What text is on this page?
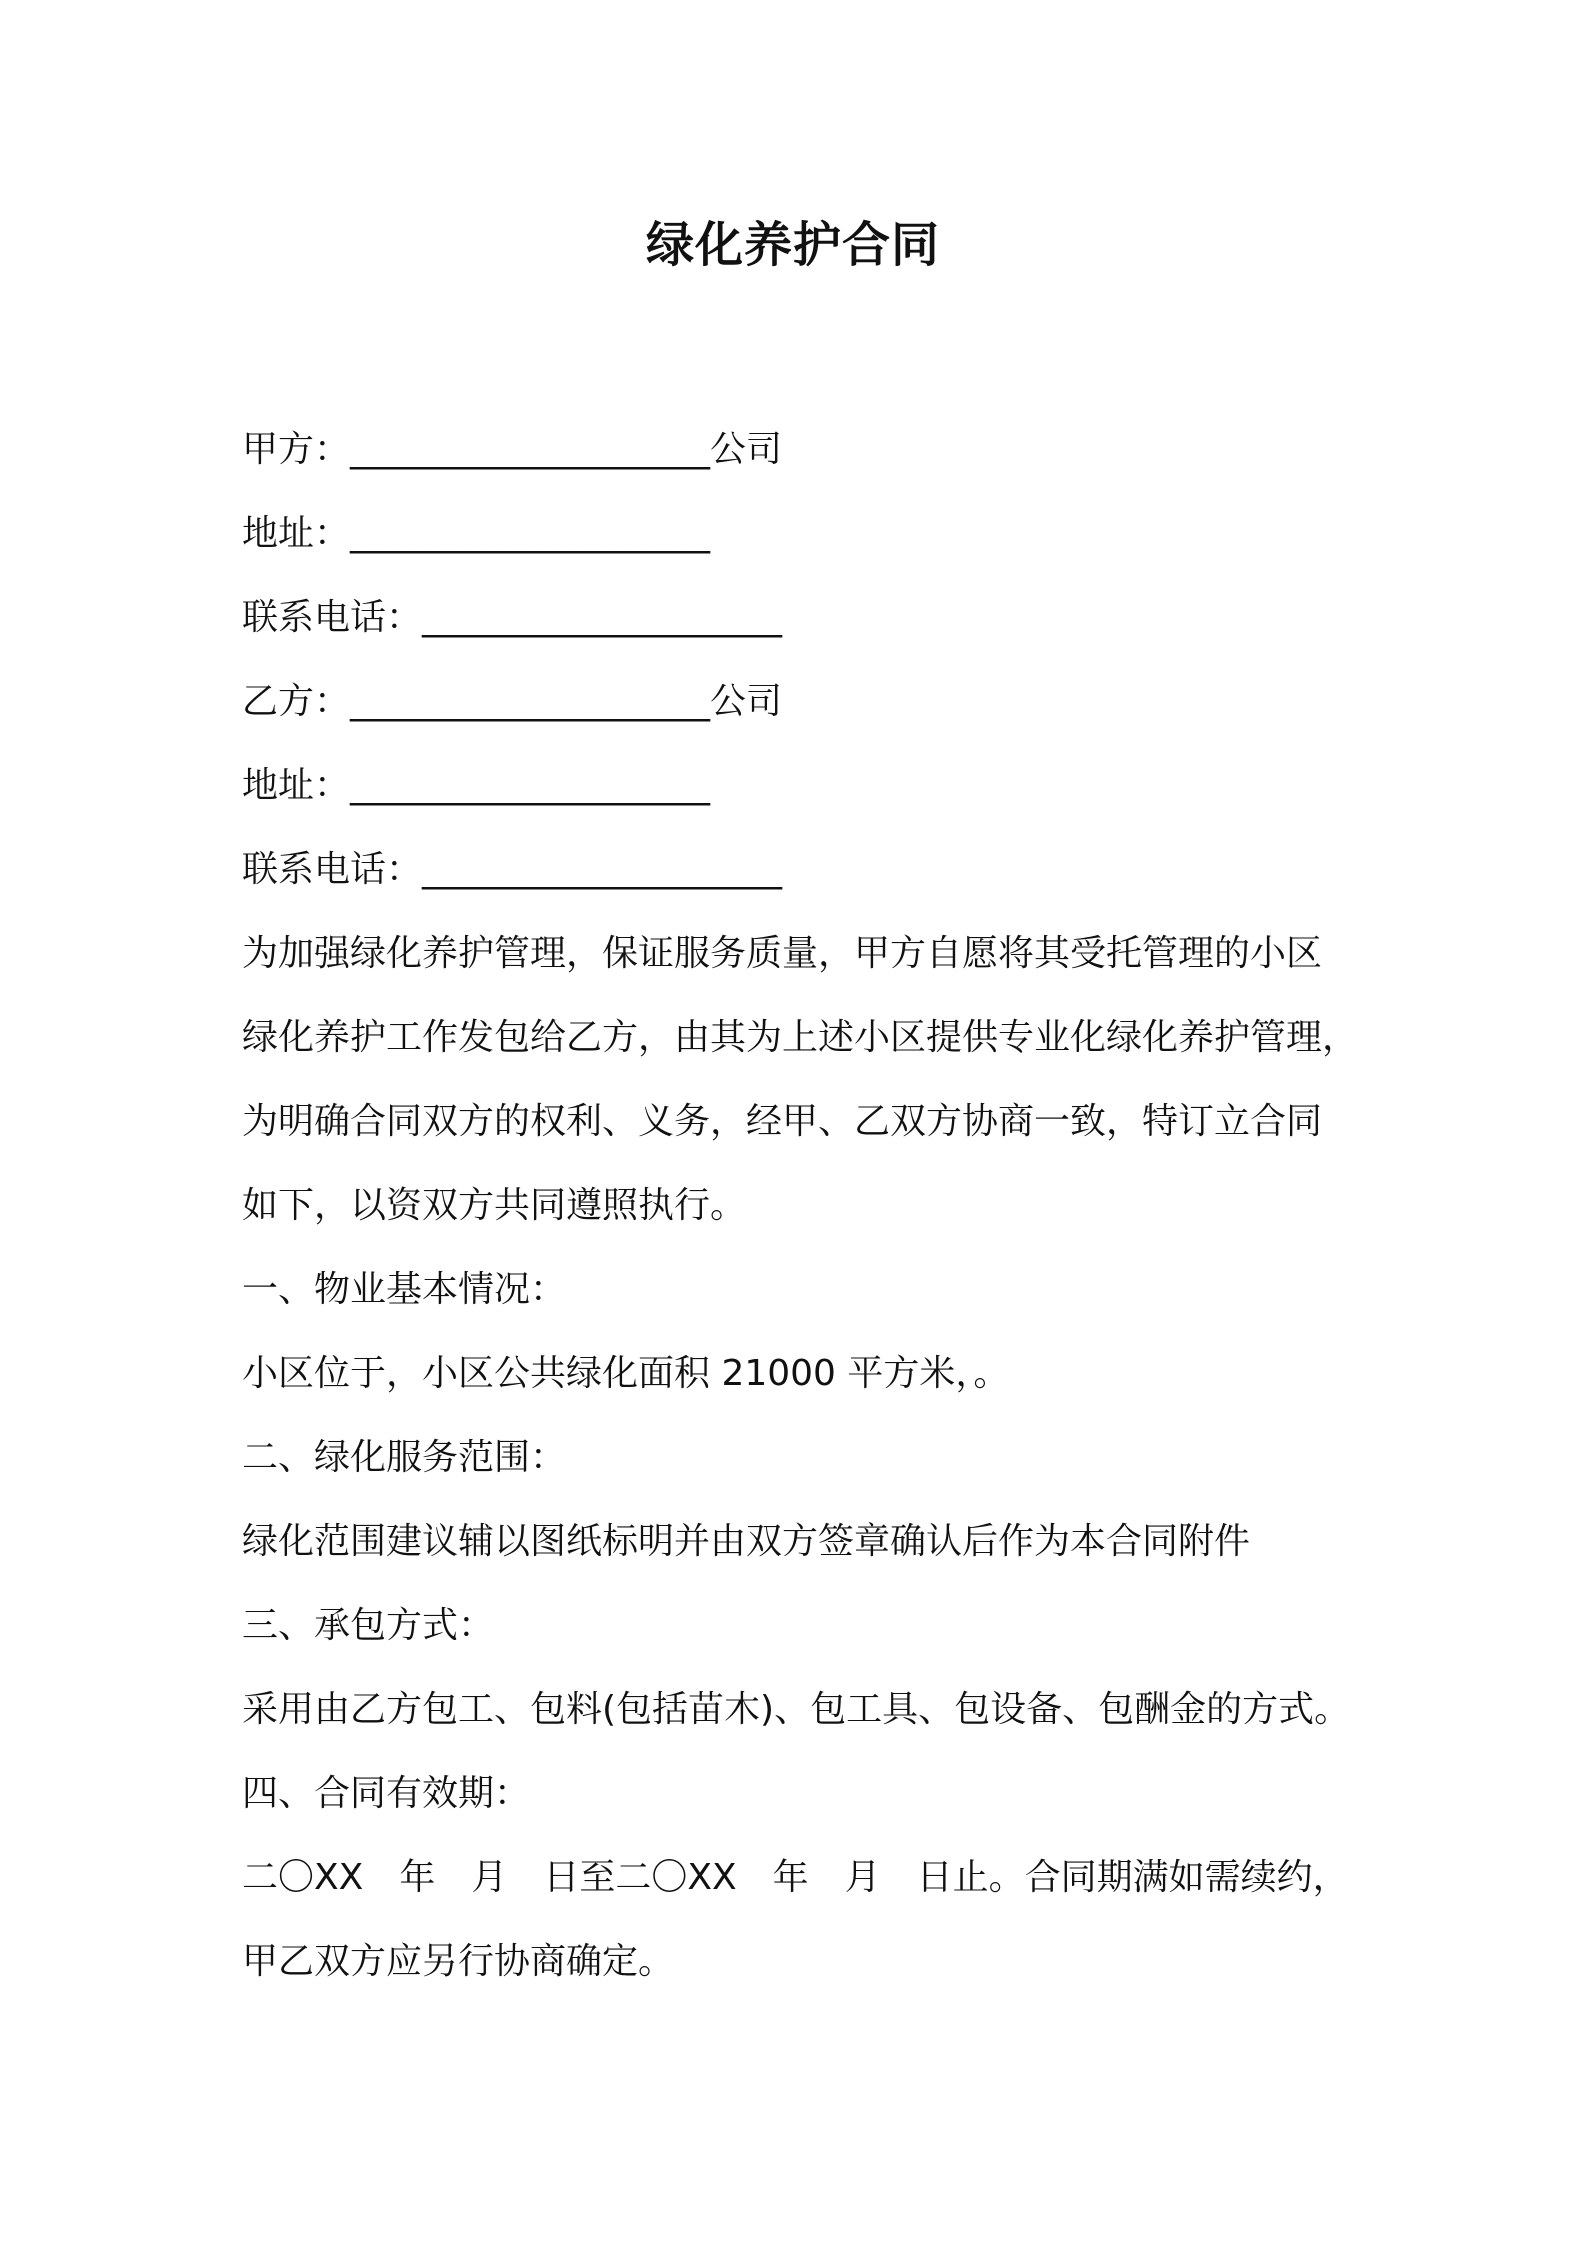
绿化养护合同
甲方：____________________公司
地址：____________________
联系电话：____________________
乙方：____________________公司
地址：____________________
联系电话：____________________
为加强绿化养护管理，保证服务质量，甲方自愿将其受托管理的小区
绿化养护工作发包给乙方，由其为上述小区提供专业化绿化养护管理，
为明确合同双方的权利、义务，经甲、乙双方协商一致，特订立合同
如下，以资双方共同遵照执行。
一、物业基本情况：
小区位于，小区公共绿化面积 21000 平方米，。
二、绿化服务范围：
绿化范围建议辅以图纸标明并由双方签章确认后作为本合同附件
三、承包方式：
采用由乙方包工、包料(包括苗木)、包工具、包设备、包酬金的方式。
四、合同有效期：
二〇XX　年　月　日至二〇XX　年　月　日止。合同期满如需续约，
甲乙双方应另行协商确定。
